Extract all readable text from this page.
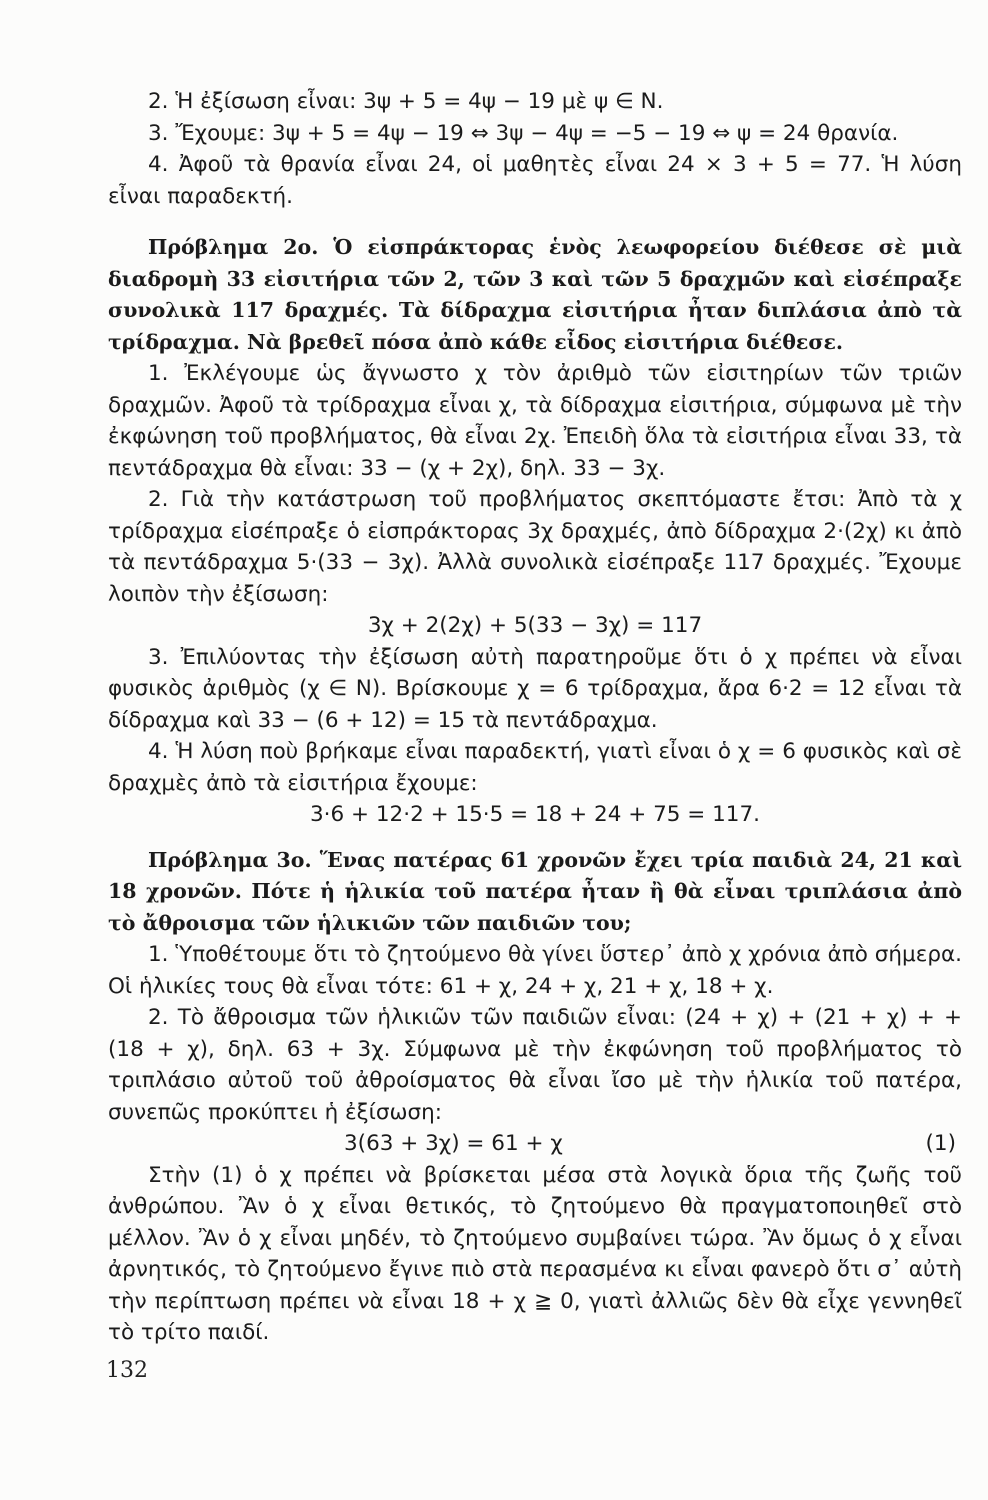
2. Ἡ ἐξίσωση εἶναι: 3ψ + 5 = 4ψ − 19 μὲ ψ ∈ N.

3. Ἔχουμε: 3ψ + 5 = 4ψ − 19 ⇔ 3ψ − 4ψ = −5 − 19 ⇔ ψ = 24 θρανία.

4. Ἀφοῦ τὰ θρανία εἶναι 24, οἱ μαθητὲς εἶναι 24 × 3 + 5 = 77. Ἡ λύση εἶναι παραδεκτή.

Πρόβλημα 2ο. Ὁ εἰσπράκτορας ἑνὸς λεωφορείου διέθεσε σὲ μιὰ διαδρομὴ 33 εἰσιτήρια τῶν 2, τῶν 3 καὶ τῶν 5 δραχμῶν καὶ εἰσέπραξε συνολικὰ 117 δραχμές. Τὰ δίδραχμα εἰσιτήρια ἦταν διπλάσια ἀπὸ τὰ τρίδραχμα. Νὰ βρεθεῖ πόσα ἀπὸ κάθε εἶδος εἰσιτήρια διέθεσε.

1. Ἐκλέγουμε ὡς ἄγνωστο χ τὸν ἀριθμὸ τῶν εἰσιτηρίων τῶν τριῶν δραχμῶν. Ἀφοῦ τὰ τρίδραχμα εἶναι χ, τὰ δίδραχμα εἰσιτήρια, σύμφωνα μὲ τὴν ἐκφώνηση τοῦ προβλήματος, θὰ εἶναι 2χ. Ἐπειδὴ ὅλα τὰ εἰσιτήρια εἶναι 33, τὰ πεντάδραχμα θὰ εἶναι: 33 − (χ + 2χ), δηλ. 33 − 3χ.

2. Γιὰ τὴν κατάστρωση τοῦ προβλήματος σκεπτόμαστε ἔτσι: Ἀπὸ τὰ χ τρίδραχμα εἰσέπραξε ὁ εἰσπράκτορας 3χ δραχμές, ἀπὸ δίδραχμα 2·(2χ) κι ἀπὸ τὰ πεντάδραχμα 5·(33 − 3χ). Ἀλλὰ συνολικὰ εἰσέπραξε 117 δραχμές. Ἔχουμε λοιπὸν τὴν ἐξίσωση:

3χ + 2(2χ) + 5(33 − 3χ) = 117

3. Ἐπιλύοντας τὴν ἐξίσωση αὐτὴ παρατηροῦμε ὅτι ὁ χ πρέπει νὰ εἶναι φυσικὸς ἀριθμὸς (χ ∈ N). Βρίσκουμε χ = 6 τρίδραχμα, ἄρα 6·2 = 12 εἶναι τὰ δίδραχμα καὶ 33 − (6 + 12) = 15 τὰ πεντάδραχμα.

4. Ἡ λύση ποὺ βρήκαμε εἶναι παραδεκτή, γιατὶ εἶναι ὁ χ = 6 φυσικὸς καὶ σὲ δραχμὲς ἀπὸ τὰ εἰσιτήρια ἔχουμε:

3·6 + 12·2 + 15·5 = 18 + 24 + 75 = 117.

Πρόβλημα 3ο. Ἕνας πατέρας 61 χρονῶν ἔχει τρία παιδιὰ 24, 21 καὶ 18 χρονῶν. Πότε ἡ ἡλικία τοῦ πατέρα ἦταν ἢ θὰ εἶναι τριπλάσια ἀπὸ τὸ ἄθροισμα τῶν ἡλικιῶν τῶν παιδιῶν του;

1. Ὑποθέτουμε ὅτι τὸ ζητούμενο θὰ γίνει ὕστερ᾽ ἀπὸ χ χρόνια ἀπὸ σήμερα. Οἱ ἡλικίες τους θὰ εἶναι τότε: 61 + χ, 24 + χ, 21 + χ, 18 + χ.

2. Τὸ ἄθροισμα τῶν ἡλικιῶν τῶν παιδιῶν εἶναι: (24 + χ) + (21 + χ) + + (18 + χ), δηλ. 63 + 3χ. Σύμφωνα μὲ τὴν ἐκφώνηση τοῦ προβλήματος τὸ τριπλάσιο αὐτοῦ τοῦ ἀθροίσματος θὰ εἶναι ἴσο μὲ τὴν ἡλικία τοῦ πατέρα, συνεπῶς προκύπτει ἡ ἐξίσωση:

3(63 + 3χ) = 61 + χ	(1)

Στὴν (1) ὁ χ πρέπει νὰ βρίσκεται μέσα στὰ λογικὰ ὅρια τῆς ζωῆς τοῦ ἀνθρώπου. Ἂν ὁ χ εἶναι θετικός, τὸ ζητούμενο θὰ πραγματοποιηθεῖ στὸ μέλλον. Ἂν ὁ χ εἶναι μηδέν, τὸ ζητούμενο συμβαίνει τώρα. Ἂν ὅμως ὁ χ εἶναι ἀρνητικός, τὸ ζητούμενο ἔγινε πιὸ στὰ περασμένα κι εἶναι φανερὸ ὅτι σ᾽ αὐτὴ τὴν περίπτωση πρέπει νὰ εἶναι 18 + χ ≧ 0, γιατὶ ἀλλιῶς δὲν θὰ εἶχε γεννηθεῖ τὸ τρίτο παιδί.

132
